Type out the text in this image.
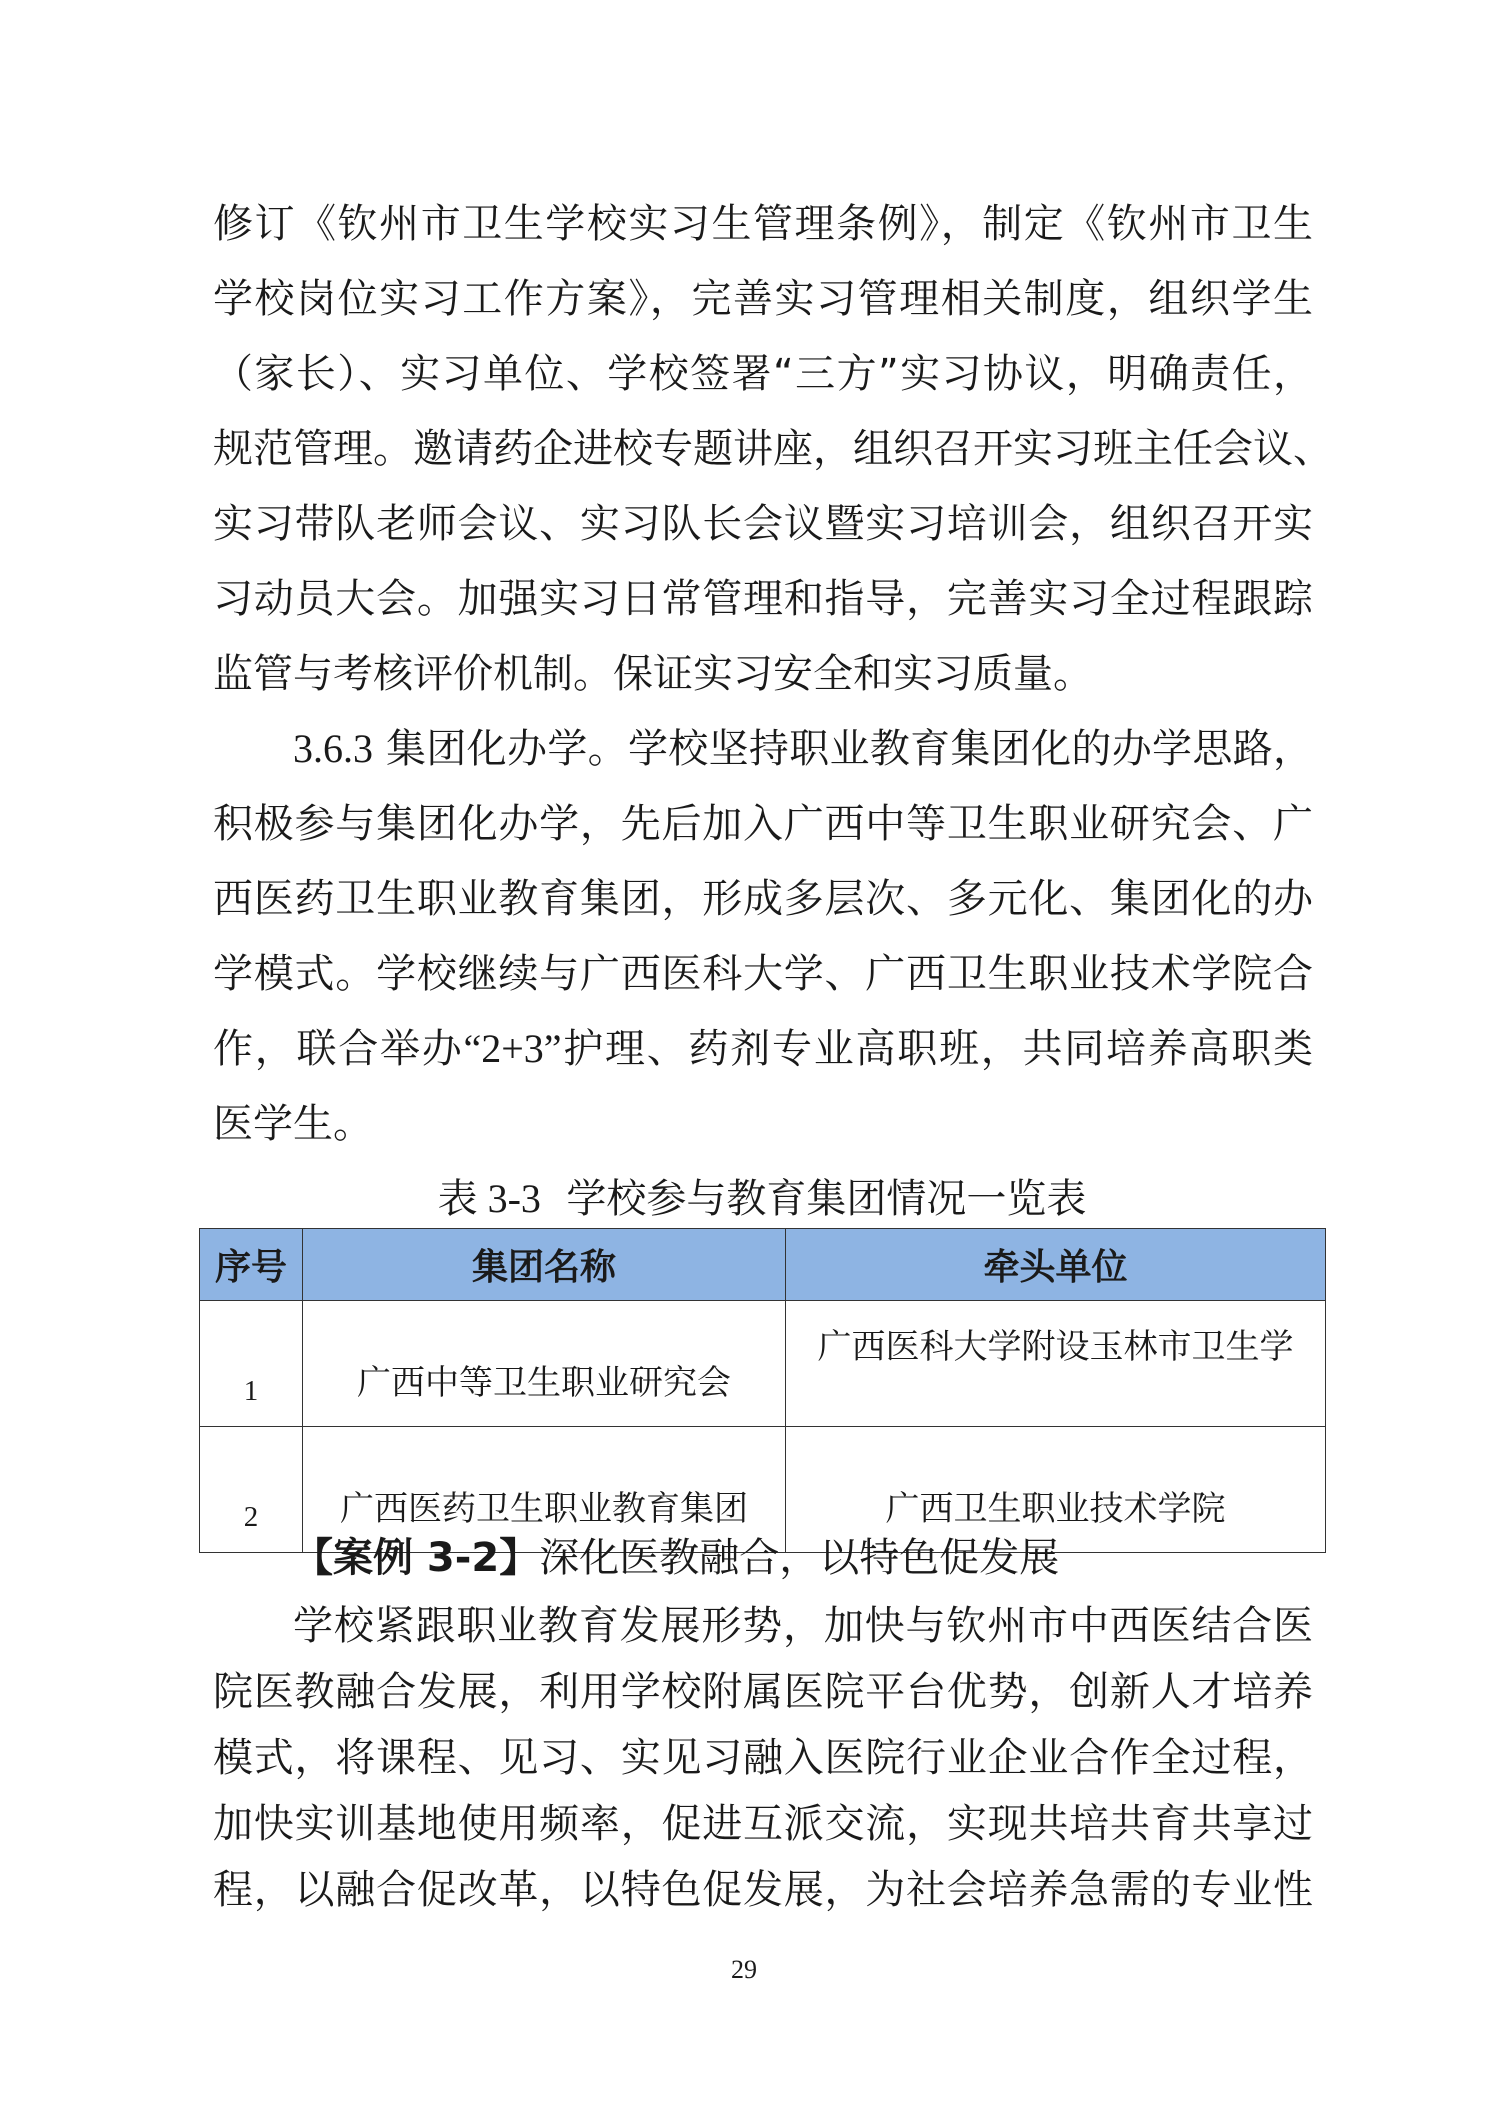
修订《钦州市卫生学校实习生管理条例》，制定《钦州市卫生
学校岗位实习工作方案》，完善实习管理相关制度，组织学生
（家长）、实习单位、学校签署“三方”实习协议，明确责任，
规范管理。邀请药企进校专题讲座，组织召开实习班主任会议、
实习带队老师会议、实习队长会议暨实习培训会，组织召开实
习动员大会。加强实习日常管理和指导，完善实习全过程跟踪
监管与考核评价机制。保证实习安全和实习质量。
3.6.3 集团化办学。学校坚持职业教育集团化的办学思路，
积极参与集团化办学，先后加入广西中等卫生职业研究会、广
西医药卫生职业教育集团，形成多层次、多元化、集团化的办
学模式。学校继续与广西医科大学、广西卫生职业技术学院合
作，联合举办“2+3”护理、药剂专业高职班，共同培养高职类
医学生。
表 3-3 学校参与教育集团情况一览表
序号	集团名称	牵头单位
1	广西中等卫生职业研究会	广西医科大学附设玉林市卫生学
2	广西医药卫生职业教育集团	广西卫生职业技术学院
【案例 3-2】深化医教融合，以特色促发展
学校紧跟职业教育发展形势，加快与钦州市中西医结合医
院医教融合发展，利用学校附属医院平台优势，创新人才培养
模式，将课程、见习、实见习融入医院行业企业合作全过程，
加快实训基地使用频率，促进互派交流，实现共培共育共享过
程，以融合促改革，以特色促发展，为社会培养急需的专业性
29
